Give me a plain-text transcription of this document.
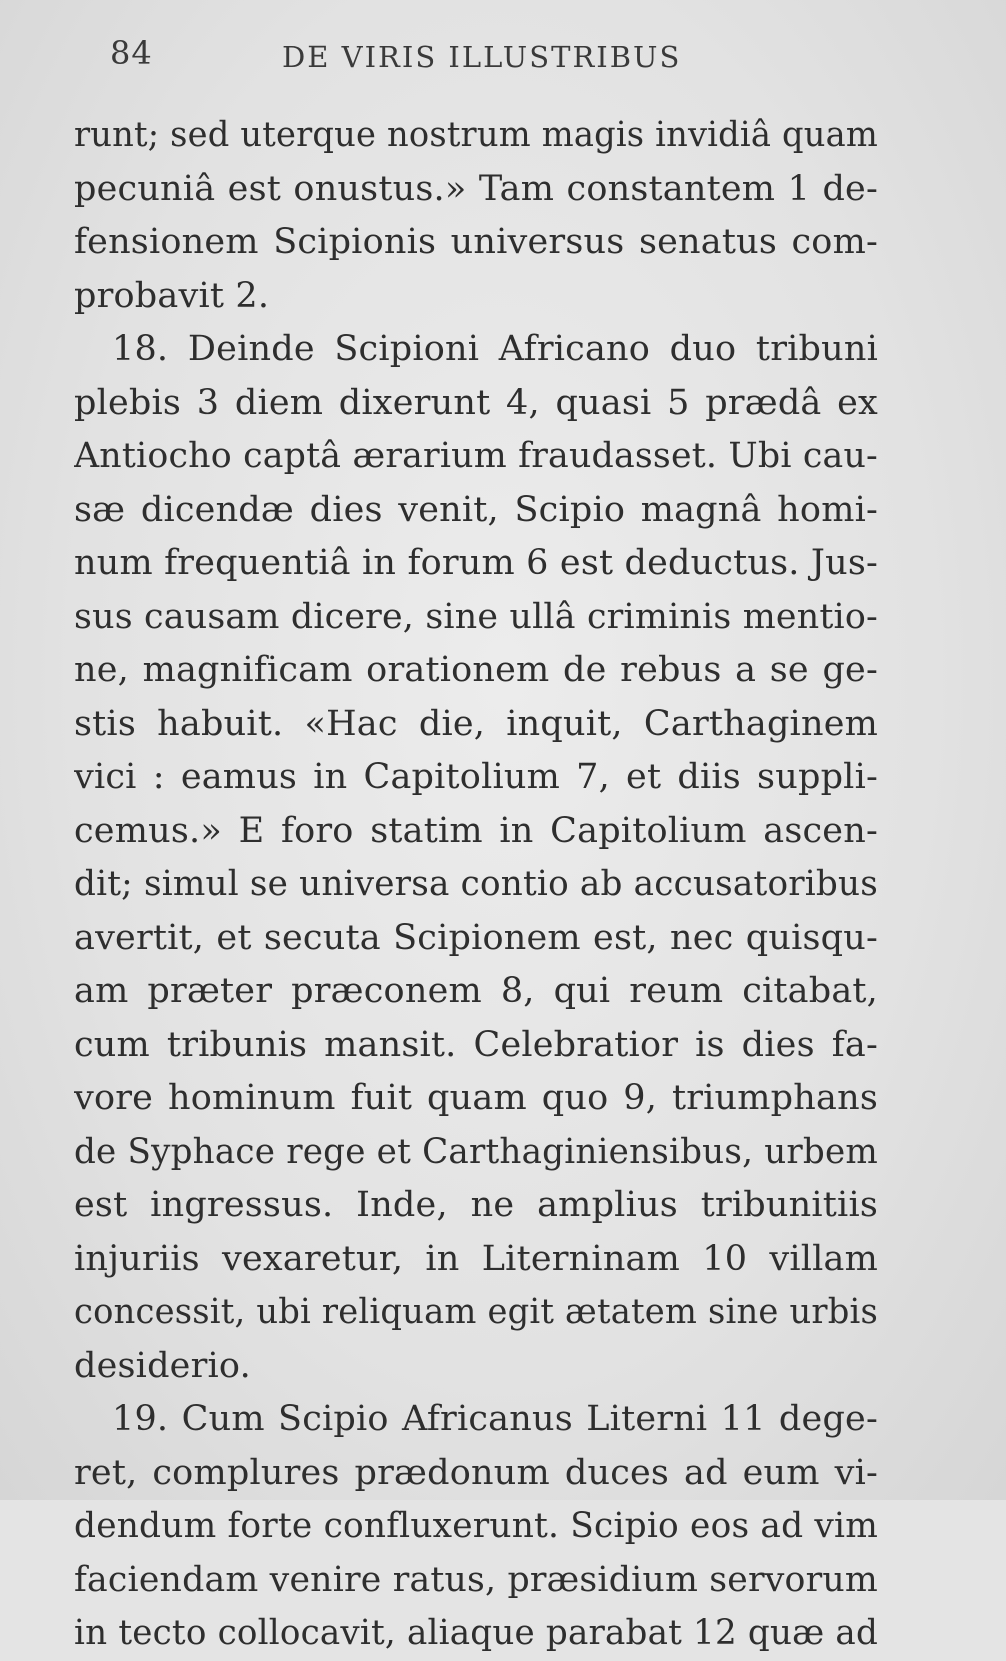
84	DE VIRIS ILLUSTRIBUS
runt; sed uterque nostrum magis invidiâ quam
pecuniâ est onustus.» Tam constantem 1 de-
fensionem Scipionis universus senatus com-
probavit 2.
18. Deinde Scipioni Africano duo tribuni
plebis 3 diem dixerunt 4, quasi 5 prædâ ex
Antiocho captâ ærarium fraudasset. Ubi cau-
sæ dicendæ dies venit, Scipio magnâ homi-
num frequentiâ in forum 6 est deductus. Jus-
sus causam dicere, sine ullâ criminis mentio-
ne, magnificam orationem de rebus a se ge-
stis habuit. «Hac die, inquit, Carthaginem
vici : eamus in Capitolium 7, et diis suppli-
cemus.» E foro statim in Capitolium ascen-
dit; simul se universa contio ab accusatoribus
avertit, et secuta Scipionem est, nec quisqu-
am præter præconem 8, qui reum citabat,
cum tribunis mansit. Celebratior is dies fa-
vore hominum fuit quam quo 9, triumphans
de Syphace rege et Carthaginiensibus, urbem
est ingressus. Inde, ne amplius tribunitiis
injuriis vexaretur, in Literninam 10 villam
concessit, ubi reliquam egit ætatem sine urbis
desiderio.
19. Cum Scipio Africanus Literni 11 dege-
ret, complures prædonum duces ad eum vi-
dendum forte confluxerunt. Scipio eos ad vim
faciendam venire ratus, præsidium servorum
in tecto collocavit, aliaque parabat 12 quæ ad
